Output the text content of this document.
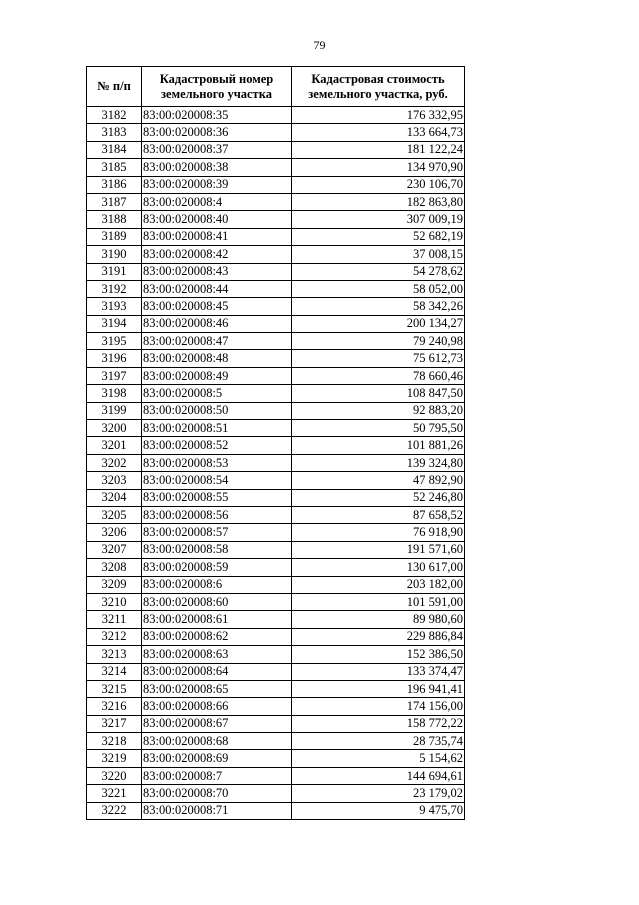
79
№ п/п	Кадастровый номер земельного участка	Кадастровая стоимость земельного участка, руб.
3182	83:00:020008:35	176 332,95
3183	83:00:020008:36	133 664,73
3184	83:00:020008:37	181 122,24
3185	83:00:020008:38	134 970,90
3186	83:00:020008:39	230 106,70
3187	83:00:020008:4	182 863,80
3188	83:00:020008:40	307 009,19
3189	83:00:020008:41	52 682,19
3190	83:00:020008:42	37 008,15
3191	83:00:020008:43	54 278,62
3192	83:00:020008:44	58 052,00
3193	83:00:020008:45	58 342,26
3194	83:00:020008:46	200 134,27
3195	83:00:020008:47	79 240,98
3196	83:00:020008:48	75 612,73
3197	83:00:020008:49	78 660,46
3198	83:00:020008:5	108 847,50
3199	83:00:020008:50	92 883,20
3200	83:00:020008:51	50 795,50
3201	83:00:020008:52	101 881,26
3202	83:00:020008:53	139 324,80
3203	83:00:020008:54	47 892,90
3204	83:00:020008:55	52 246,80
3205	83:00:020008:56	87 658,52
3206	83:00:020008:57	76 918,90
3207	83:00:020008:58	191 571,60
3208	83:00:020008:59	130 617,00
3209	83:00:020008:6	203 182,00
3210	83:00:020008:60	101 591,00
3211	83:00:020008:61	89 980,60
3212	83:00:020008:62	229 886,84
3213	83:00:020008:63	152 386,50
3214	83:00:020008:64	133 374,47
3215	83:00:020008:65	196 941,41
3216	83:00:020008:66	174 156,00
3217	83:00:020008:67	158 772,22
3218	83:00:020008:68	28 735,74
3219	83:00:020008:69	5 154,62
3220	83:00:020008:7	144 694,61
3221	83:00:020008:70	23 179,02
3222	83:00:020008:71	9 475,70
